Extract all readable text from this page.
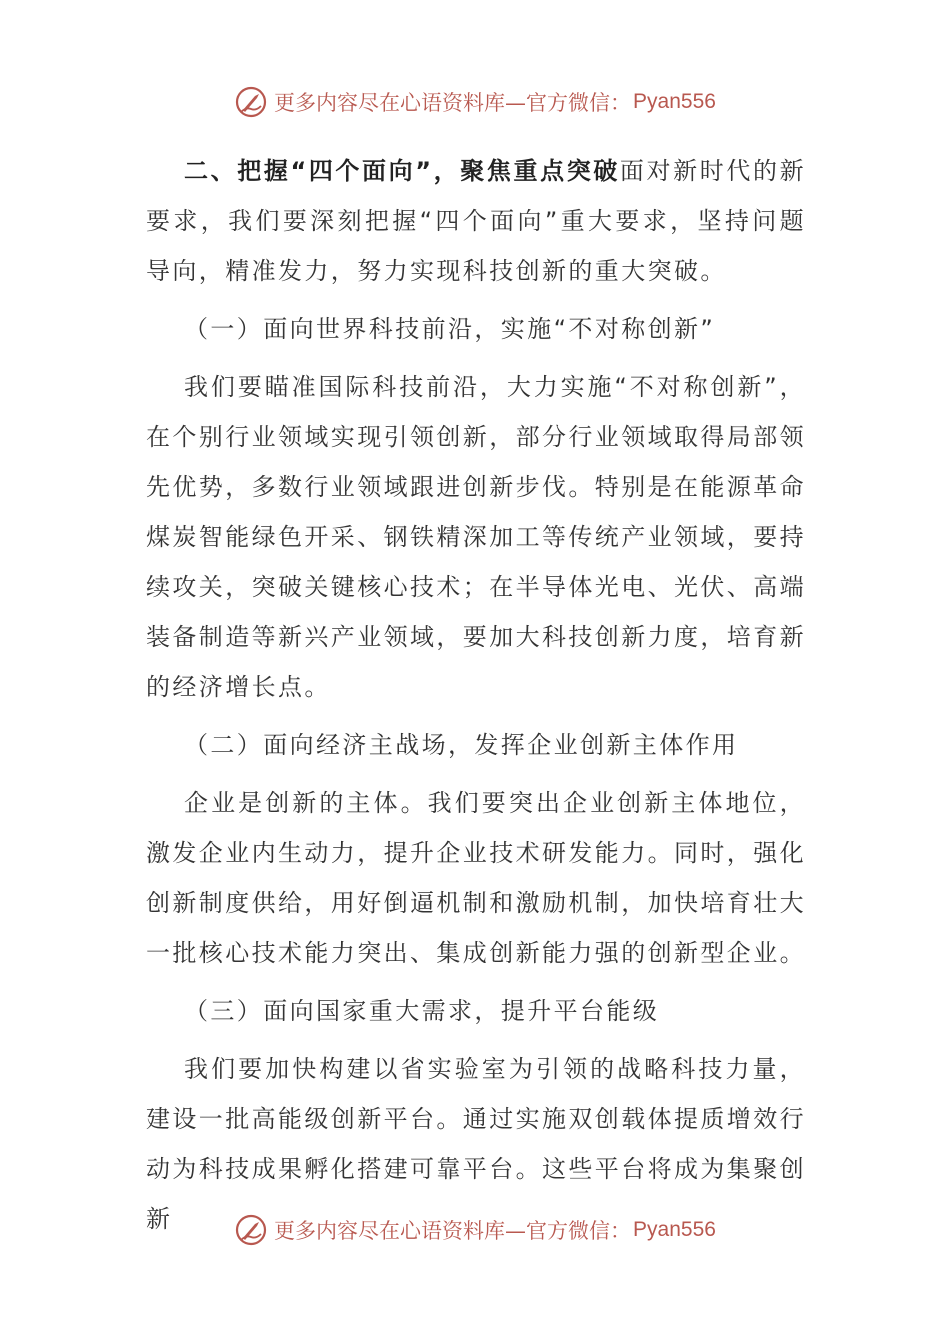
更多内容尽在心语资料库—官方微信： Pyan556

二、把握“四个面向”，聚焦重点突破面对新时代的新要求，我们要深刻把握“四个面向”重大要求，坚持问题导向，精准发力，努力实现科技创新的重大突破。

（一）面向世界科技前沿，实施“不对称创新”

我们要瞄准国际科技前沿，大力实施“不对称创新”，在个别行业领域实现引领创新，部分行业领域取得局部领先优势，多数行业领域跟进创新步伐。特别是在能源革命煤炭智能绿色开采、钢铁精深加工等传统产业领域，要持续攻关，突破关键核心技术；在半导体光电、光伏、高端装备制造等新兴产业领域，要加大科技创新力度，培育新的经济增长点。

（二）面向经济主战场，发挥企业创新主体作用

企业是创新的主体。我们要突出企业创新主体地位，激发企业内生动力，提升企业技术研发能力。同时，强化创新制度供给，用好倒逼机制和激励机制，加快培育壮大一批核心技术能力突出、集成创新能力强的创新型企业。

（三）面向国家重大需求，提升平台能级

我们要加快构建以省实验室为引领的战略科技力量，建设一批高能级创新平台。通过实施双创载体提质增效行动为科技成果孵化搭建可靠平台。这些平台将成为集聚创新	更多内容尽在心语资料库—官方微信： Pyan556
